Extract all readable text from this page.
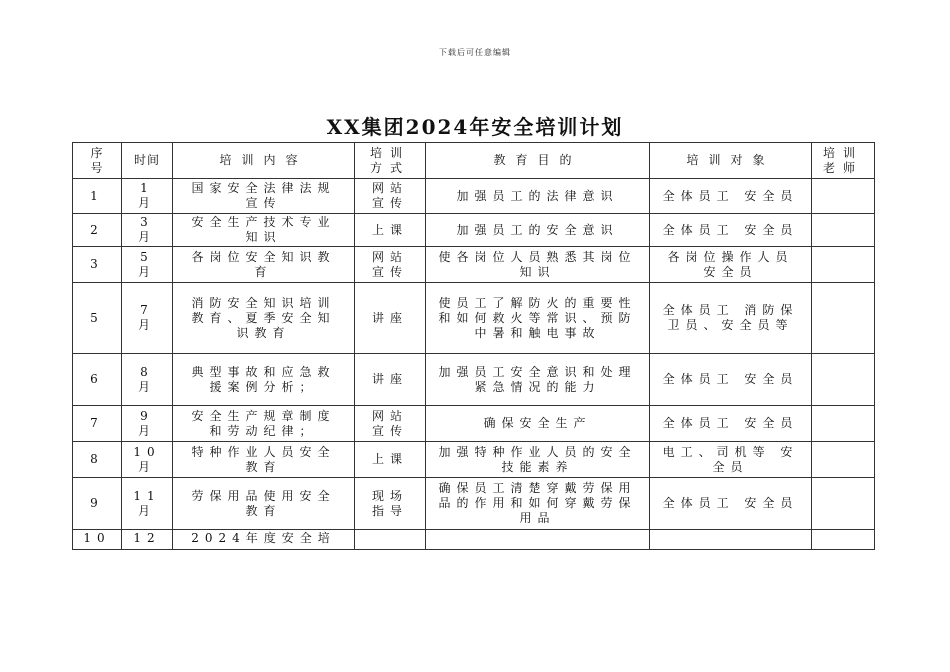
下载后可任意编辑
XX集团2024年安全培训计划
序号	时间	培训内容	培训方式	教育目的	培训对象	培训老师
1	1月	国家安全法律法规宣传	网站宣传	加强员工的法律意识	全体员工 安全员	
2	3月	安全生产技术专业知识	上课	加强员工的安全意识	全体员工 安全员	
3	5月	各岗位安全知识教育	网站宣传	使各岗位人员熟悉其岗位知识	各岗位操作人员 安全员	
5	7月	消防安全知识培训教育、夏季安全知识教育	讲座	使员工了解防火的重要性和如何救火等常识、预防中暑和触电事故	全体员工 消防保卫员、安全员等	
6	8月	典型事故和应急救援案例分析；	讲座	加强员工安全意识和处理紧急情况的能力	全体员工 安全员	
7	9月	安全生产规章制度和劳动纪律；	网站宣传	确保安全生产	全体员工 安全员	
8	10月	特种作业人员安全教育	上课	加强特种作业人员的安全技能素养	电工、司机等 安全员	
9	11月	劳保用品使用安全教育	现场指导	确保员工清楚穿戴劳保用品的作用和如何穿戴劳保用品	全体员工 安全员	
10	12	2024年度安全培				
